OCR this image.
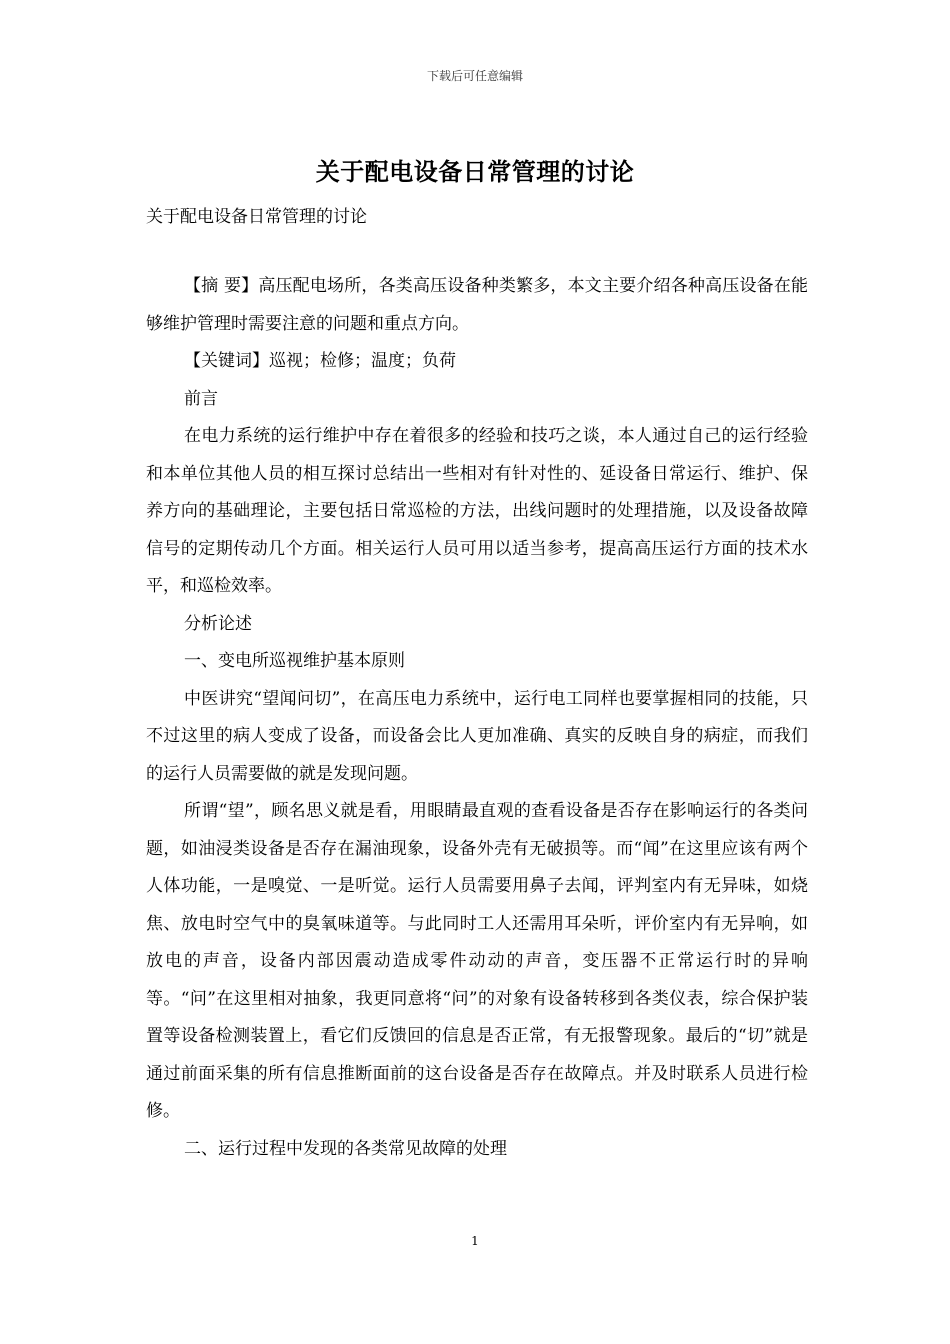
下载后可任意编辑
关于配电设备日常管理的讨论
关于配电设备日常管理的讨论

【摘 要】高压配电场所，各类高压设备种类繁多，本文主要介绍各种高压设备在能够维护管理时需要注意的问题和重点方向。

【关键词】巡视；检修；温度；负荷

前言

在电力系统的运行维护中存在着很多的经验和技巧之谈，本人通过自己的运行经验和本单位其他人员的相互探讨总结出一些相对有针对性的、延设备日常运行、维护、保养方向的基础理论，主要包括日常巡检的方法，出线问题时的处理措施，以及设备故障信号的定期传动几个方面。相关运行人员可用以适当参考，提高高压运行方面的技术水平，和巡检效率。

分析论述

一、变电所巡视维护基本原则

中医讲究“望闻问切”，在高压电力系统中，运行电工同样也要掌握相同的技能，只不过这里的病人变成了设备，而设备会比人更加准确、真实的反映自身的病症，而我们的运行人员需要做的就是发现问题。

所谓“望”，顾名思义就是看，用眼睛最直观的查看设备是否存在影响运行的各类问题，如油浸类设备是否存在漏油现象，设备外壳有无破损等。而“闻”在这里应该有两个人体功能，一是嗅觉、一是听觉。运行人员需要用鼻子去闻，评判室内有无异味，如烧焦、放电时空气中的臭氧味道等。与此同时工人还需用耳朵听，评价室内有无异响，如放电的声音，设备内部因震动造成零件动动的声音，变压器不正常运行时的异响等。“问”在这里相对抽象，我更同意将“问”的对象有设备转移到各类仪表，综合保护装置等设备检测装置上，看它们反馈回的信息是否正常，有无报警现象。最后的“切”就是通过前面采集的所有信息推断面前的这台设备是否存在故障点。并及时联系人员进行检修。

二、运行过程中发现的各类常见故障的处理

1
